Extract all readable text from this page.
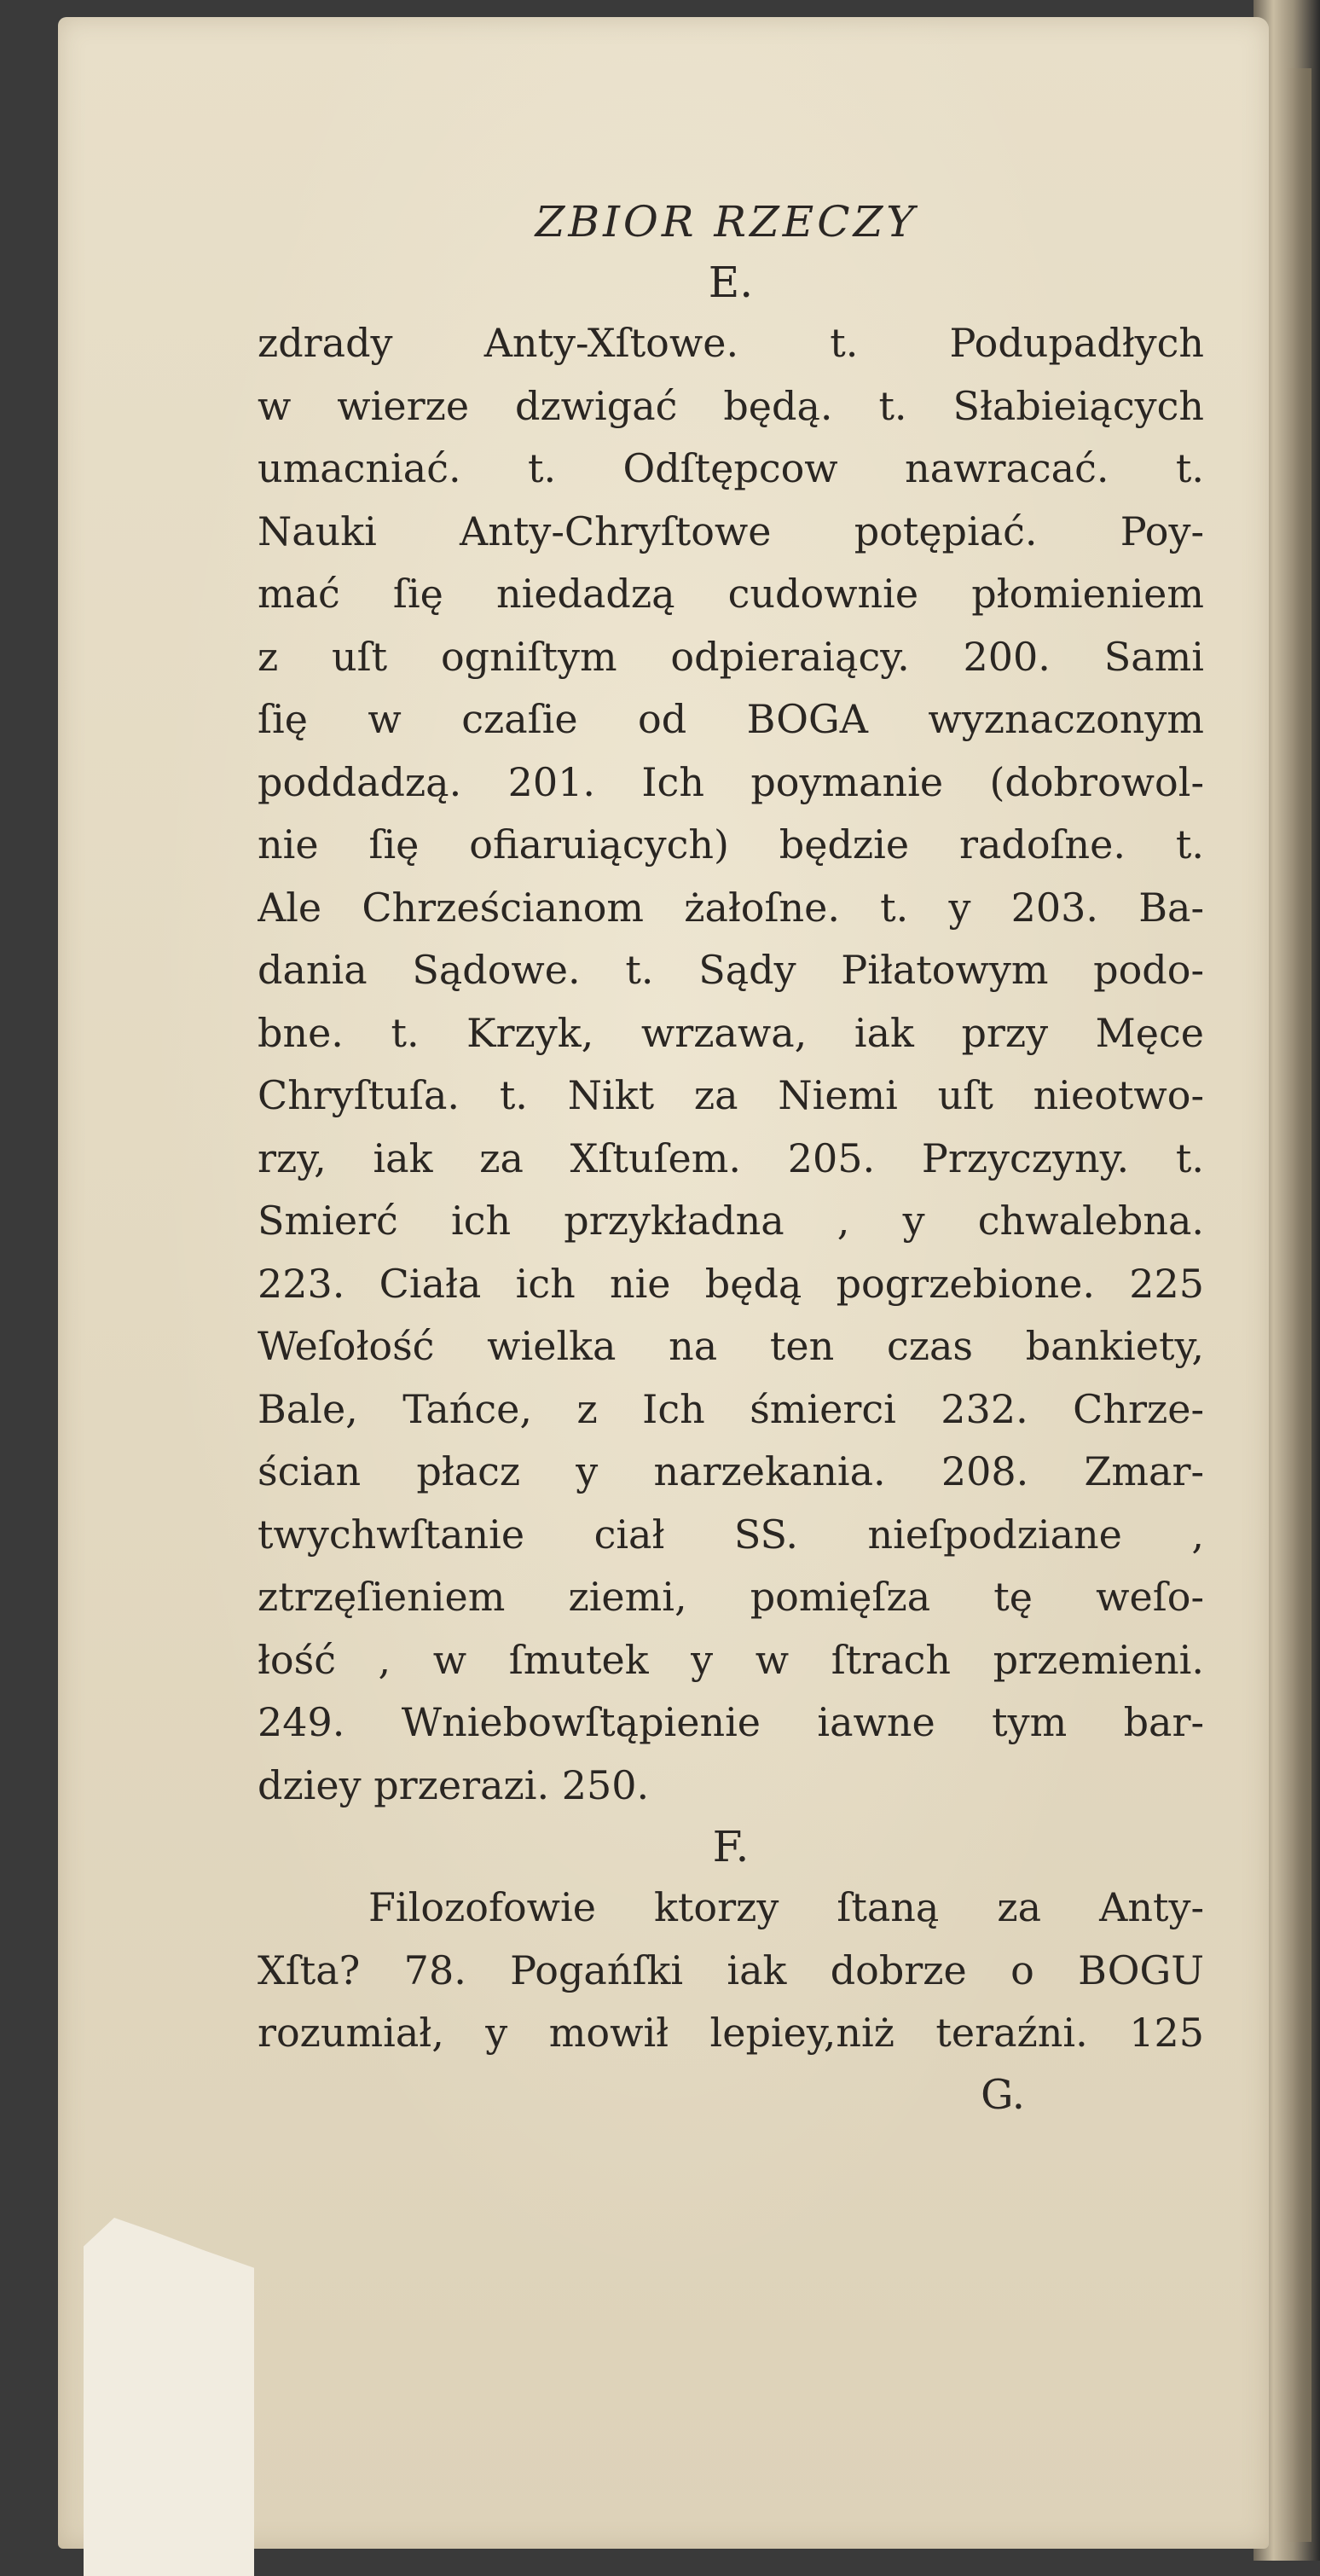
ZBIOR RZECZY
E.
zdrady Anty-Xſtowe. t. Podupadłych
w wierze dzwigać będą. t. Słabieiących
umacniać. t. Odſtępcow nawracać. t.
Nauki Anty-Chryſtowe potępiać. Poy-
mać ſię niedadzą cudownie płomieniem
z uſt ogniſtym odpieraiący. 200. Sami
ſię w czaſie od BOGA wyznaczonym
poddadzą. 201. Ich poymanie (dobrowol-
nie ſię ofiaruiących) będzie radoſne. t.
Ale Chrześcianom żałoſne. t. y 203. Ba-
dania Sądowe. t. Sądy Piłatowym podo-
bne. t. Krzyk, wrzawa, iak przy Męce
Chryſtuſa. t. Nikt za Niemi uſt nieotwo-
rzy, iak za Xſtuſem. 205. Przyczyny. t.
Smierć ich przykładna , y chwalebna.
223. Ciała ich nie będą pogrzebione. 225
Weſołość wielka na ten czas bankiety,
Bale, Tańce, z Ich śmierci 232. Chrze-
ścian płacz y narzekania. 208. Zmar-
twychwſtanie ciał SS. nieſpodziane ,
ztrzęſieniem ziemi, pomięſza tę weſo-
łość , w ſmutek y w ſtrach przemieni.
249. Wniebowſtąpienie iawne tym bar-
dziey przerazi. 250.
F.
Filozofowie ktorzy ſtaną za Anty-
Xſta? 78. Pogańſki iak dobrze o BOGU
rozumiał, y mowił lepiey,niż teraźni. 125
G.
